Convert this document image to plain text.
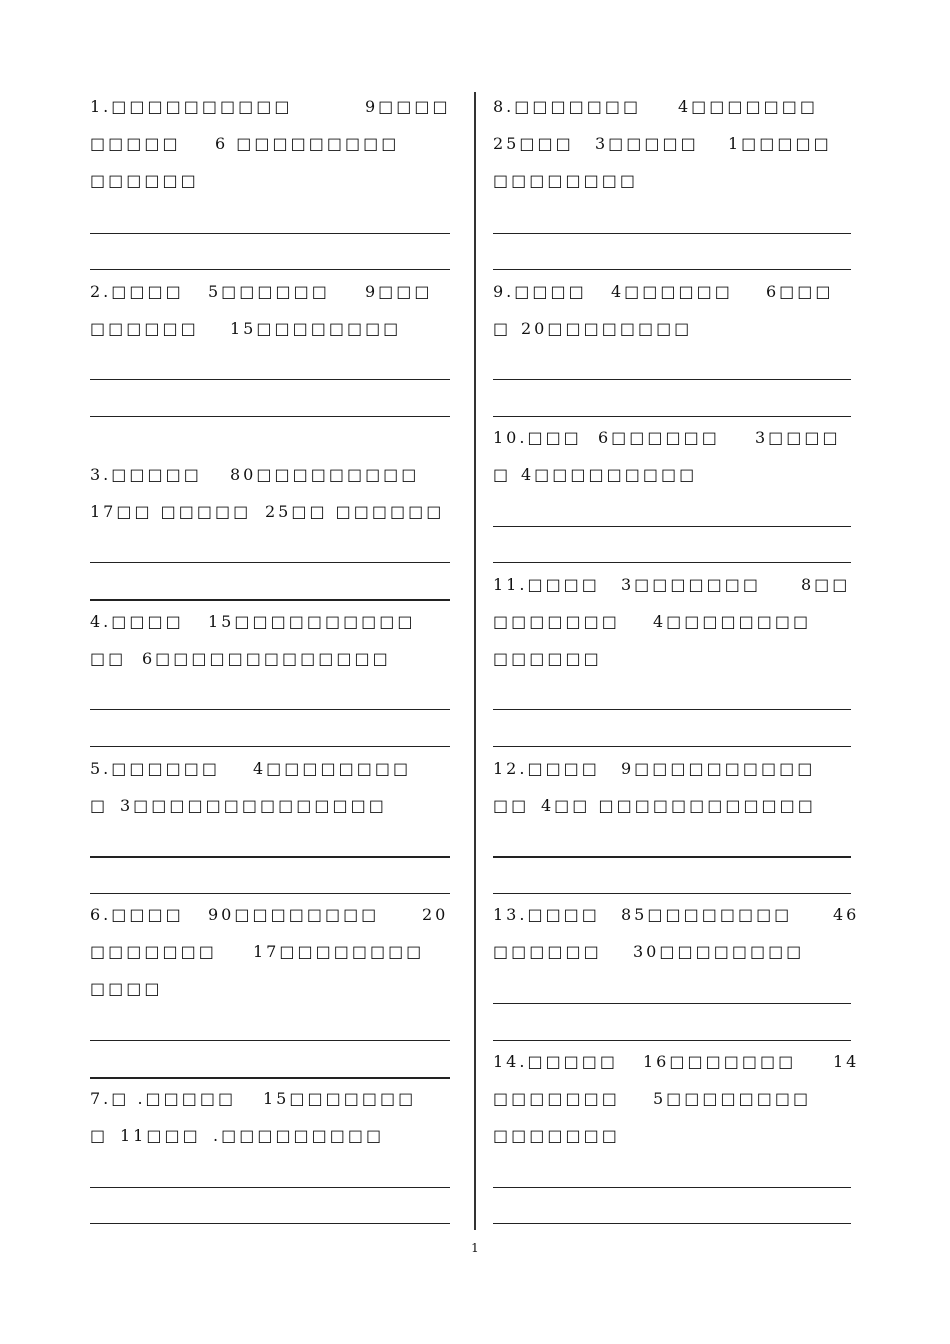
1.□□□□□□□□□□	9□□□□
□□□□□ 6 □□□□□□□□□
□□□□□□
2.□□□□ 5□□□□□□ 9□□□
□□□□□□ 15□□□□□□□□
3.□□□□□ 80□□□□□□□□□
17□□ □□□□□ 25□□ □□□□□□
4.□□□□ 15□□□□□□□□□□
□□ 6□□□□□□□□□□□□□
5.□□□□□□ 4□□□□□□□□
□ 3□□□□□□□□□□□□□□
6.□□□□ 90□□□□□□□□	20
□□□□□□□ 17□□□□□□□□
□□□□
7.□ .□□□□□ 15□□□□□□□
□ 11□□□ .□□□□□□□□□
8.□□□□□□□ 4□□□□□□□
25□□□ 3□□□□□ 1□□□□□
□□□□□□□□
9.□□□□ 4□□□□□□ 6□□□
□ 20□□□□□□□□
10.□□□ 6□□□□□□ 3□□□□
□ 4□□□□□□□□□
11.□□□□ 3□□□□□□□	8□□
□□□□□□□ 4□□□□□□□□
□□□□□□
12.□□□□ 9□□□□□□□□□□
□□ 4□□ □□□□□□□□□□□□
13.□□□□ 85□□□□□□□□	46
□□□□□□ 30□□□□□□□□
14.□□□□□ 16□□□□□□□ 14
□□□□□□□ 5□□□□□□□□
□□□□□□□
1
